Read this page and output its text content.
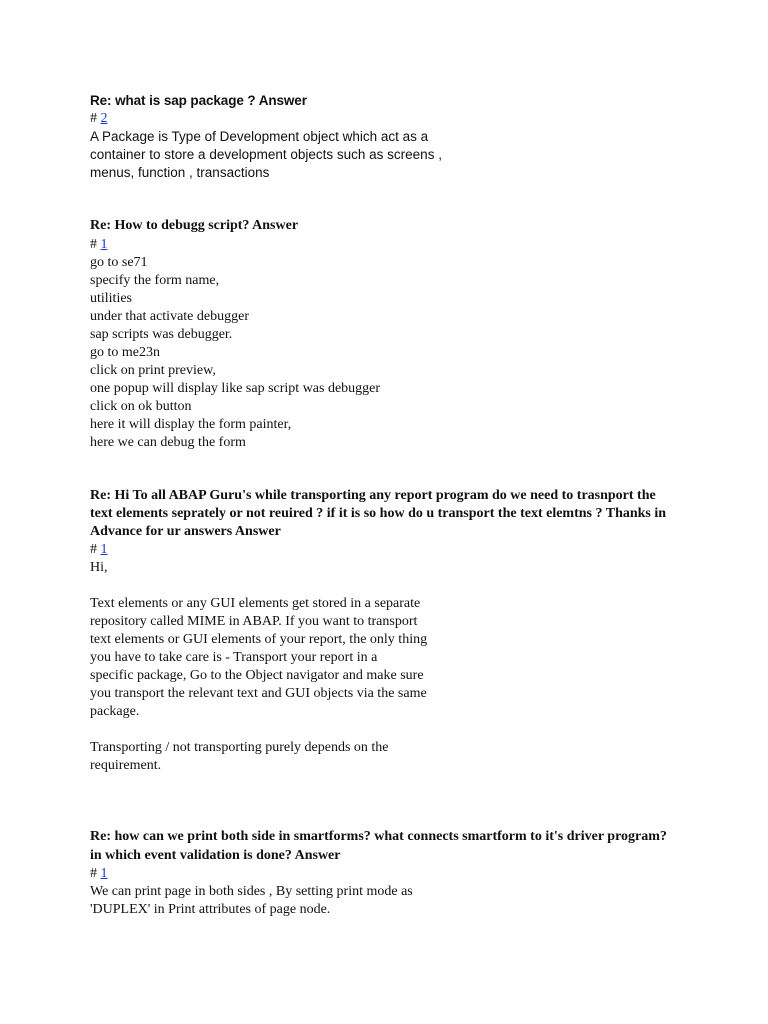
Re: what is sap package ? Answer

# 2

A Package is Type of Development object which act as a
container to store a development objects such as screens ,
menus, function , transactions

Re: How to debugg script? Answer

# 1

go to se71
specify the form name,
utilities
under that activate debugger
sap scripts was debugger.
go to me23n
click on print preview,
one popup will display like sap script was debugger
click on ok button
here it will display the form painter,
here we can debug the form

Re: Hi To all ABAP Guru's while transporting any report program do we need to trasnport the text elements seprately or not reuired ? if it is so how do u transport the text elemtns ? Thanks in Advance for ur answers Answer

# 1

Hi,
Text elements or any GUI elements get stored in a separate
repository called MIME in ABAP. If you want to transport
text elements or GUI elements of your report, the only thing
you have to take care is - Transport your report in a
specific package, Go to the Object navigator and make sure
you transport the relevant text and GUI objects via the same
package.
Transporting / not transporting purely depends on the
requirement.

Re: how can we print both side in smartforms? what connects smartform to it's driver program? in which event validation is done? Answer

# 1

We can print page in both sides , By setting print mode as
'DUPLEX' in Print attributes of page node.
